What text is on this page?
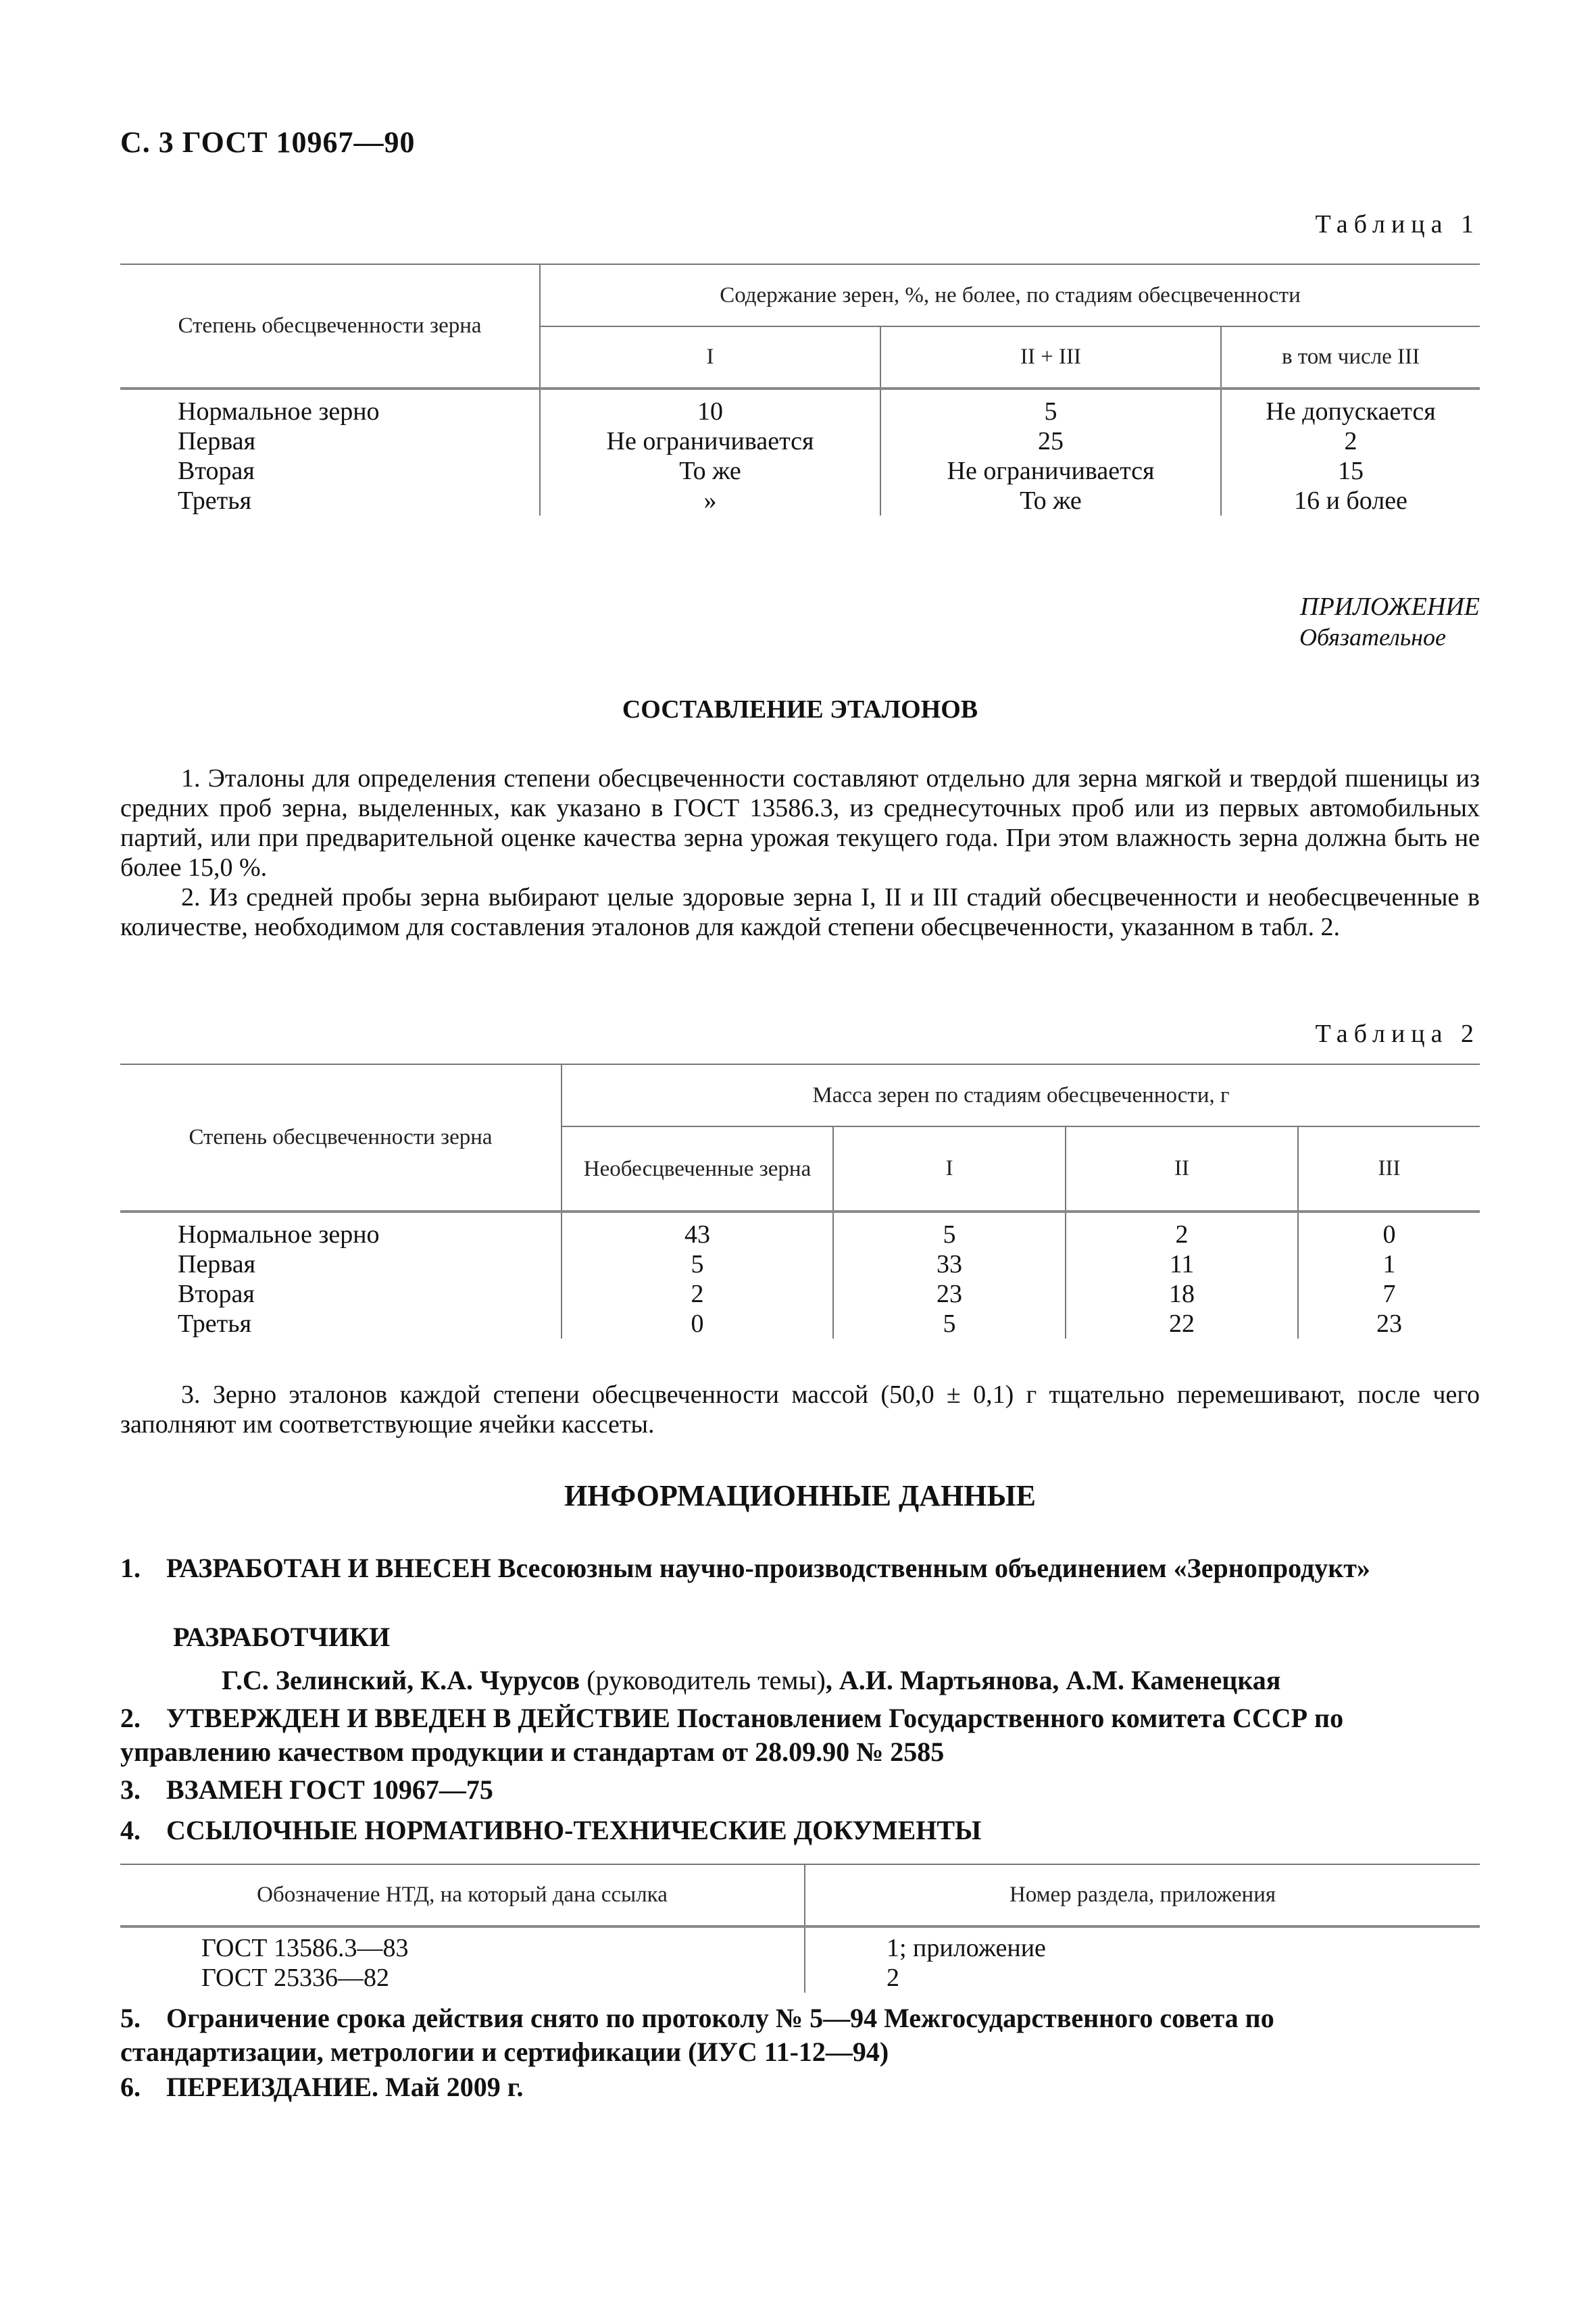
С. 3 ГОСТ 10967—90
Таблица 1
Степень обесцвеченности зерна	Содержание зерен, %, не более, по стадиям обесцвеченности		
	I	II + III	в том числе III
Нормальное зерно	10	5	Не допускается
Первая	Не ограничивается	25	2
Вторая	То же	Не ограничивается	15
Третья	»	То же	16 и более
ПРИЛОЖЕНИЕ
Обязательное
СОСТАВЛЕНИЕ ЭТАЛОНОВ
1. Эталоны для определения степени обесцвеченности составляют отдельно для зерна мягкой и твердой пшеницы из средних проб зерна, выделенных, как указано в ГОСТ 13586.3, из среднесуточных проб или из первых автомобильных партий, или при предварительной оценке качества зерна урожая текущего года. При этом влажность зерна должна быть не более 15,0 %.
2. Из средней пробы зерна выбирают целые здоровые зерна I, II и III стадий обесцвеченности и необесцвеченные в количестве, необходимом для составления эталонов для каждой степени обесцвеченности, указанном в табл. 2.
Таблица 2
Степень обесцвеченности зерна	Масса зерен по стадиям обесцвеченности, г			
	Необесцвеченные зерна	I	II	III
Нормальное зерно	43	5	2	0
Первая	5	33	11	1
Вторая	2	23	18	7
Третья	0	5	22	23
3. Зерно эталонов каждой степени обесцвеченности массой (50,0 ± 0,1) г тщательно перемешивают, после чего заполняют им соответствующие ячейки кассеты.
ИНФОРМАЦИОННЫЕ ДАННЫЕ
1. РАЗРАБОТАН И ВНЕСЕН Всесоюзным научно-производственным объединением «Зернопродукт»
РАЗРАБОТЧИКИ
Г.С. Зелинский, К.А. Чурусов (руководитель темы), А.И. Мартьянова, А.М. Каменецкая
2. УТВЕРЖДЕН И ВВЕДЕН В ДЕЙСТВИЕ Постановлением Государственного комитета СССР по управлению качеством продукции и стандартам от 28.09.90 № 2585
3. ВЗАМЕН ГОСТ 10967—75
4. ССЫЛОЧНЫЕ НОРМАТИВНО-ТЕХНИЧЕСКИЕ ДОКУМЕНТЫ
Обозначение НТД, на который дана ссылка	Номер раздела, приложения
ГОСТ 13586.3—83	1; приложение
ГОСТ 25336—82	2
5. Ограничение срока действия снято по протоколу № 5—94 Межгосударственного совета по стандартизации, метрологии и сертификации (ИУС 11-12—94)
6. ПЕРЕИЗДАНИЕ. Май 2009 г.
